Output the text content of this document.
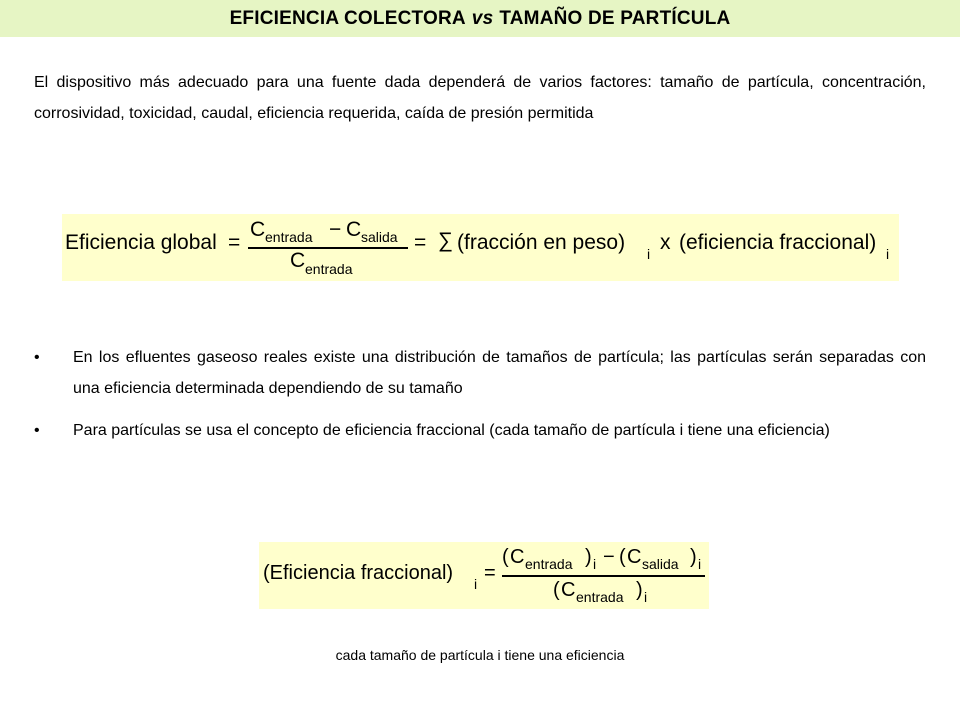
EFICIENCIA COLECTORA vs TAMAÑO DE PARTÍCULA
El dispositivo más adecuado para una fuente dada dependerá de varios factores: tamaño de partícula, concentración, corrosividad, toxicidad, caudal, eficiencia requerida, caída de presión permitida
Eficiencia global =
C entrada − C salida
C entrada
= ∑ (fracción en peso) i x (eficiencia fraccional) i
• En los efluentes gaseoso reales existe una distribución de tamaños de partícula; las partículas serán separadas con una eficiencia determinada dependiendo de su tamaño
• Para partículas se usa el concepto de eficiencia fraccional (cada tamaño de partícula i tiene una eficiencia)
(Eficiencia fraccional) i =
( C entrada ) i − ( C salida ) i
( C entrada ) i
cada tamaño de partícula i tiene una eficiencia
